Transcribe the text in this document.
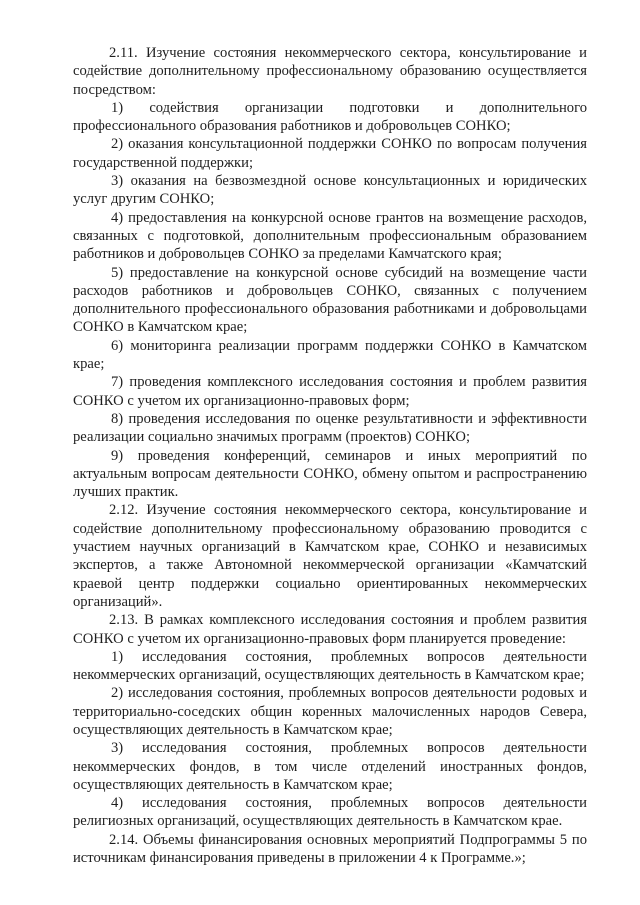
2.11. Изучение состояния некоммерческого сектора, консультирование и содействие дополнительному профессиональному образованию осуществляется посредством:

1) содействия организации подготовки и дополнительного профессионального образования работников и добровольцев СОНКО;

2) оказания консультационной поддержки СОНКО по вопросам получения государственной поддержки;

3) оказания на безвозмездной основе консультационных и юридических услуг другим СОНКО;

4) предоставления на конкурсной основе грантов на возмещение расходов, связанных с подготовкой, дополнительным профессиональным образованием работников и добровольцев СОНКО за пределами Камчатского края;

5) предоставление на конкурсной основе субсидий на возмещение части расходов работников и добровольцев СОНКО, связанных с получением дополнительного профессионального образования работниками и добровольцами СОНКО в Камчатском крае;

6) мониторинга реализации программ поддержки СОНКО в Камчатском крае;

7) проведения комплексного исследования состояния и проблем развития СОНКО с учетом их организационно-правовых форм;

8) проведения исследования по оценке результативности и эффективности реализации социально значимых программ (проектов) СОНКО;

9) проведения конференций, семинаров и иных мероприятий по актуальным вопросам деятельности СОНКО, обмену опытом и распространению лучших практик.

2.12. Изучение состояния некоммерческого сектора, консультирование и содействие дополнительному профессиональному образованию проводится с участием научных организаций в Камчатском крае, СОНКО и независимых экспертов, а также Автономной некоммерческой организации «Камчатский краевой центр поддержки социально ориентированных некоммерческих организаций».

2.13. В рамках комплексного исследования состояния и проблем развития СОНКО с учетом их организационно-правовых форм планируется проведение:

1) исследования состояния, проблемных вопросов деятельности некоммерческих организаций, осуществляющих деятельность в Камчатском крае;

2) исследования состояния, проблемных вопросов деятельности родовых и территориально-соседских общин коренных малочисленных народов Севера, осуществляющих деятельность в Камчатском крае;

3) исследования состояния, проблемных вопросов деятельности некоммерческих фондов, в том числе отделений иностранных фондов, осуществляющих деятельность в Камчатском крае;

4) исследования состояния, проблемных вопросов деятельности религиозных организаций, осуществляющих деятельность в Камчатском крае.

2.14. Объемы финансирования основных мероприятий Подпрограммы 5 по источникам финансирования приведены в приложении 4 к Программе.»;
